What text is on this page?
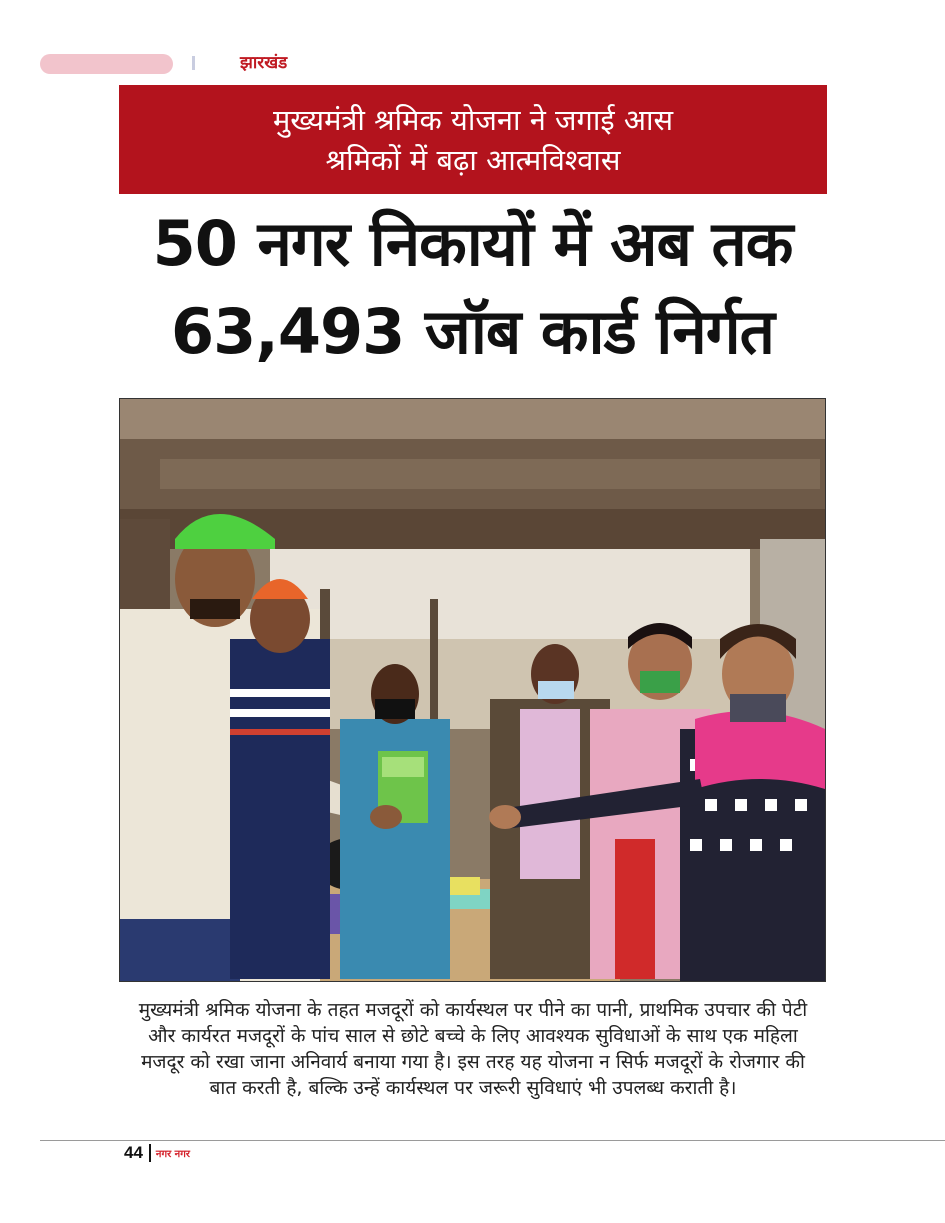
झारखंड
मुख्यमंत्री श्रमिक योजना ने जगाई आस
श्रमिकों में बढ़ा आत्मविश्वास
50 नगर निकायों में अब तक
63,493 जॉब कार्ड निर्गत
मुख्यमंत्री श्रमिक योजना के तहत मजदूरों को कार्यस्थल पर पीने का पानी, प्राथमिक उपचार की पेटी और कार्यरत मजदूरों के पांच साल से छोटे बच्चे के लिए आवश्यक सुविधाओं के साथ एक महिला मजदूर को रखा जाना अनिवार्य बनाया गया है। इस तरह यह योजना न सिर्फ मजदूरों के रोजगार की बात करती है, बल्कि उन्हें कार्यस्थल पर जरूरी सुविधाएं भी उपलब्ध कराती है।
44 नगर नगर
